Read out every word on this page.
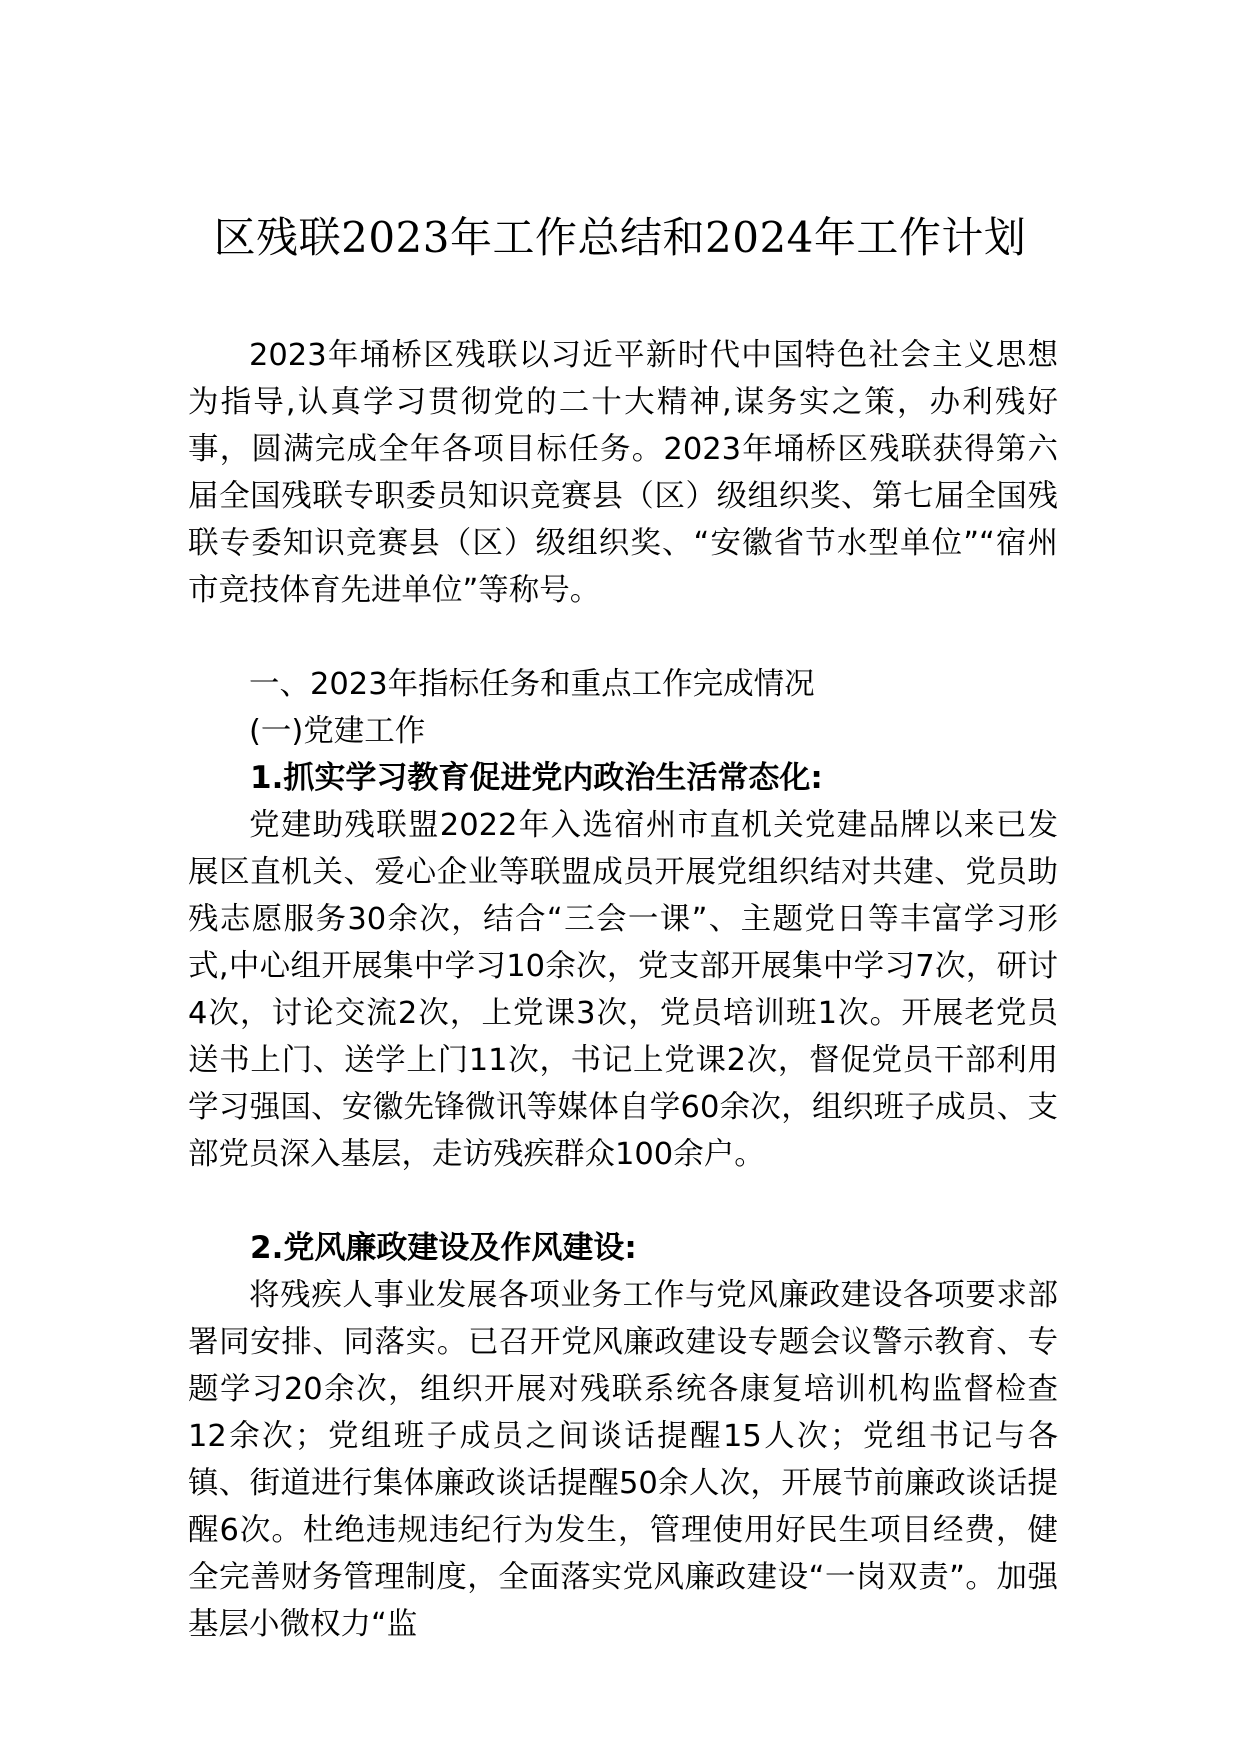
区残联2023年工作总结和2024年工作计划

2023年埇桥区残联以习近平新时代中国特色社会主义思想为指导,认真学习贯彻党的二十大精神,谋务实之策，办利残好事，圆满完成全年各项目标任务。2023年埇桥区残联获得第六届全国残联专职委员知识竞赛县（区）级组织奖、第七届全国残联专委知识竞赛县（区）级组织奖、“安徽省节水型单位”“宿州市竞技体育先进单位”等称号。

一、2023年指标任务和重点工作完成情况
(一)党建工作
1.抓实学习教育促进党内政治生活常态化:

党建助残联盟2022年入选宿州市直机关党建品牌以来已发展区直机关、爱心企业等联盟成员开展党组织结对共建、党员助残志愿服务30余次，结合“三会一课”、主题党日等丰富学习形式,中心组开展集中学习10余次，党支部开展集中学习7次，研讨4次，讨论交流2次，上党课3次，党员培训班1次。开展老党员送书上门、送学上门11次，书记上党课2次，督促党员干部利用学习强国、安徽先锋微讯等媒体自学60余次，组织班子成员、支部党员深入基层，走访残疾群众100余户。

2.党风廉政建设及作风建设:

将残疾人事业发展各项业务工作与党风廉政建设各项要求部署同安排、同落实。已召开党风廉政建设专题会议警示教育、专题学习20余次，组织开展对残联系统各康复培训机构监督检查12余次；党组班子成员之间谈话提醒15人次；党组书记与各镇、街道进行集体廉政谈话提醒50余人次，开展节前廉政谈话提醒6次。杜绝违规违纪行为发生，管理使用好民生项目经费，健全完善财务管理制度，全面落实党风廉政建设“一岗双责”。加强基层小微权力“监
